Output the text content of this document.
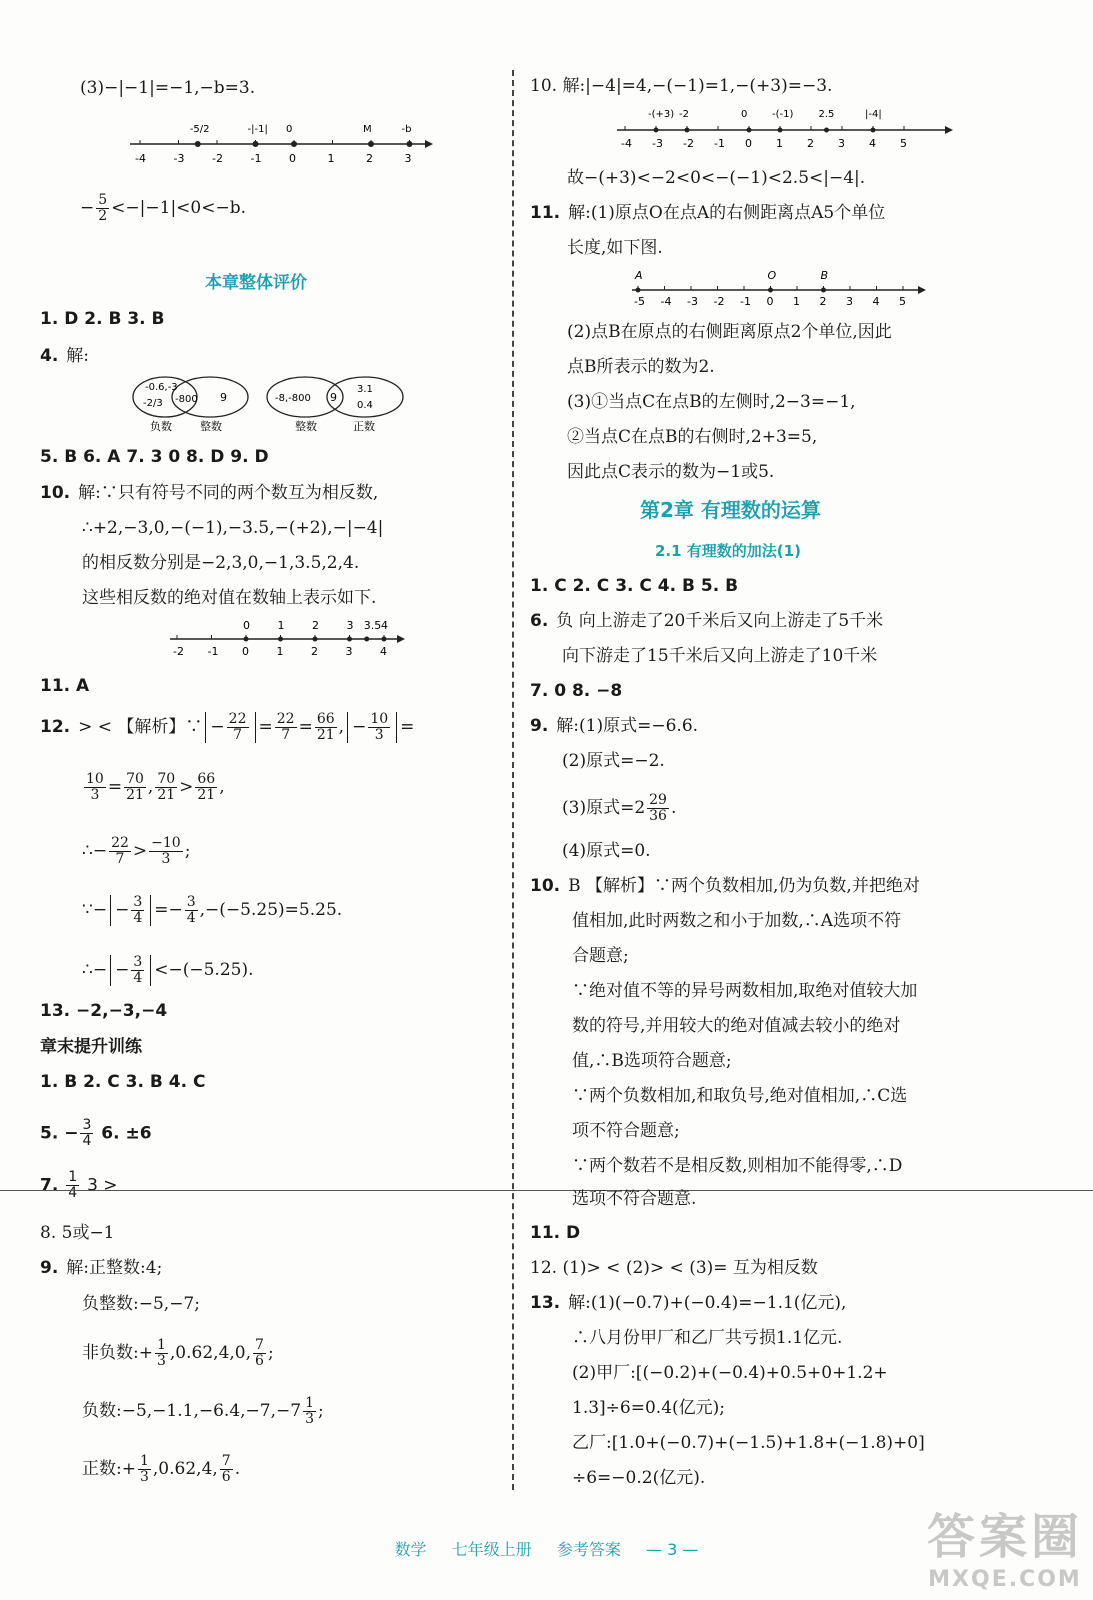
(3)−|−1|=−1,−b=3.
-4	-3	-2	-1	0	1	2	3
-5/2	-|-1| 0	M	-b
− $\frac{5}{2} <-|-1|<0<-b$.
本章整体评价
1. D 2. B 3. B
4. 解:
-0.6,-3
-2/3 -800 9
负数	整数
-8,-800 9
3.1
0.4
整数	正数
5. B 6. A 7. 3 0 8. D 9. D
10. 解:∵只有符号不同的两个数互为相反数,
∴+2,−3,0,−(−1),−3.5,−(+2),−|−4|
的相反数分别是−2,3,0,−1,3.5,2,4.
这些相反数的绝对值在数轴上表示如下.
-2 -1 0	1	2	3	4
0	1	2	3 3.5 4
11. A
12. > < 【解析】∵ − $\frac{22}{7} = \frac{22}{7} = \frac{66}{21}$ , − $\frac{10}{3}$ =
$\frac{10}{3} = \frac{70}{21}$ , $\frac{70}{21} > \frac{66}{21}$ ,
∴− $\frac{22}{7} > \frac{-10}{3}$ ;
∵− − $\frac{3}{4} =- \frac{3}{4} ,-(-5.25)=5.25$.
∴− − $\frac{3}{4} <-(-5.25)$.
13. −2,−3,−4
章末提升训练
1. B 2. C 3. B 4. C
5. − $\frac{3}{4} 6$. ±6
7. $\frac{1}{4} 3$ >
8. 5或−1
9. 解:正整数:4;
负整数:−5,−7;
非负数:+ $\frac{1}{3} ,0.62,4,0$, $\frac{7}{6}$ ;
负数:−5,−1.1,−6.4,−7,−7 $\frac{1}{3}$ ;
正数:+ $\frac{1}{3} ,0.62,4$, $\frac{7}{6}$ .
10. 解:|−4|=4,−(−1)=1,−(+3)=−3.
-4 -3 -2 -1 0 1 2 3 4 5
-(+3) -2	0 -(-1)	2.5	|-4|
故−(+3)<−2<0<−(−1)<2.5<|−4|.
11. 解:(1)原点O在点A的右侧距离点A5个单位
长度,如下图.
-5 -4 -3 -2 -1 0 1 2 3 4 5
A	O	B
(2)点B在原点的右侧距离原点2个单位,因此
点B所表示的数为2.
(3)①当点C在点B的左侧时,2−3=−1,
②当点C在点B的右侧时,2+3=5,
因此点C表示的数为−1或5.
第2章 有理数的运算
2.1 有理数的加法(1)
1. C 2. C 3. C 4. B 5. B
6. 负 向上游走了20千米后又向上游走了5千米
向下游走了15千米后又向上游走了10千米
7. 0 8. −8
9. 解:(1)原式=−6.6.
(2)原式=−2.
(3)原式$=2 \frac{29}{36}$ .
(4)原式=0.
10. B 【解析】∵两个负数相加,仍为负数,并把绝对
值相加,此时两数之和小于加数,∴A选项不符
合题意;
∵绝对值不等的异号两数相加,取绝对值较大加
数的符号,并用较大的绝对值减去较小的绝对
值,∴B选项符合题意;
∵两个负数相加,和取负号,绝对值相加,∴C选
项不符合题意;
∵两个数若不是相反数,则相加不能得零,∴D
选项不符合题意.
11. D
12. (1)> < (2)> < (3)= 互为相反数
13. 解:(1)(−0.7)+(−0.4)=−1.1(亿元),
∴八月份甲厂和乙厂共亏损1.1亿元.
(2)甲厂:[(−0.2)+(−0.4)+0.5+0+1.2+
1.3]÷6=0.4(亿元);
乙厂:[1.0+(−0.7)+(−1.5)+1.8+(−1.8)+0]
÷6=−0.2(亿元).
数学 七年级上册 参考答案 — 3 —	答案圈
MXQE.COM
